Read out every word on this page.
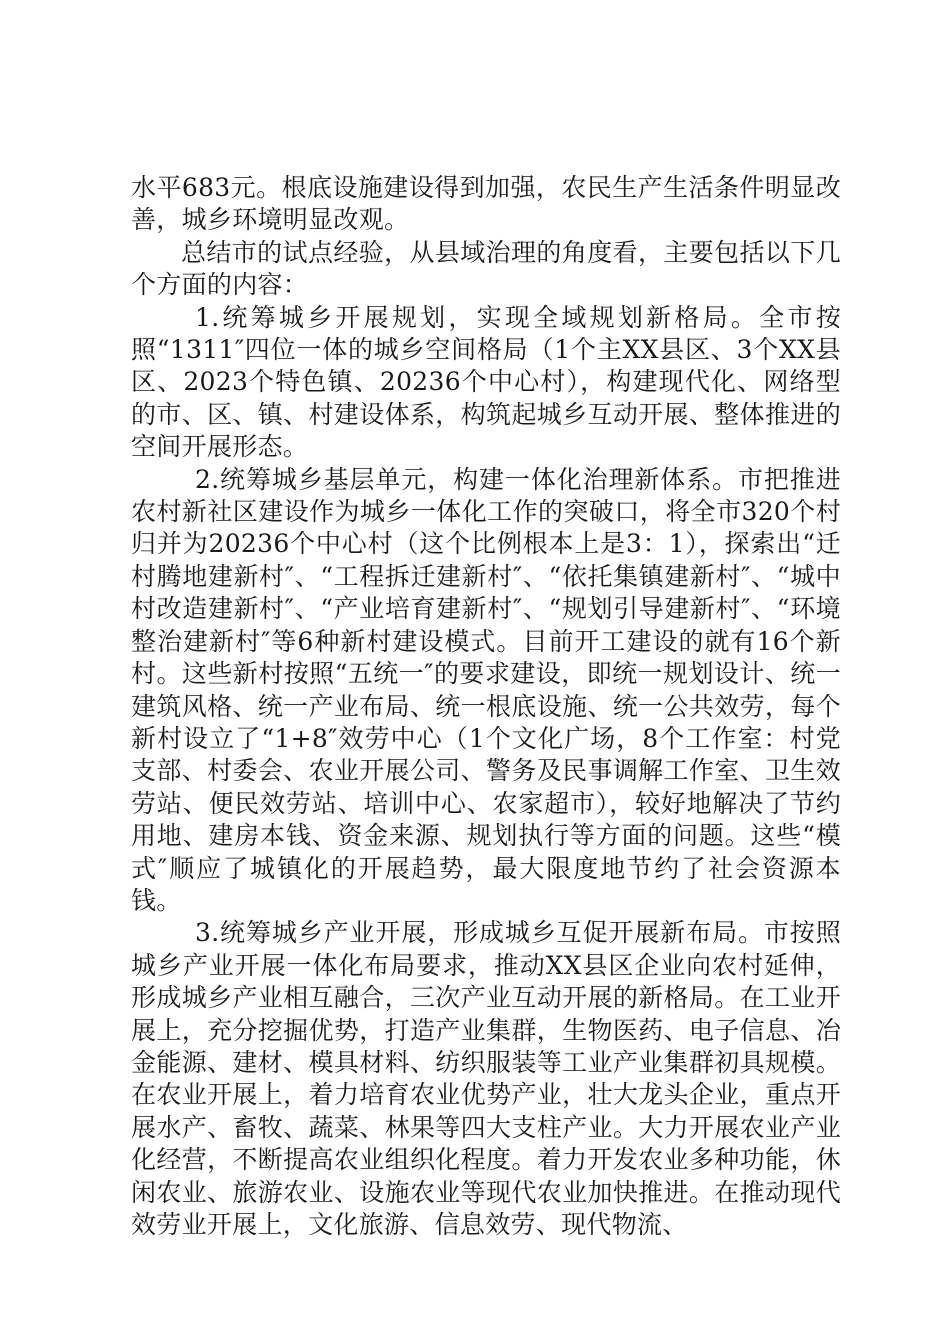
水平683元。根底设施建设得到加强，农民生产生活条件明显改善，城乡环境明显改观。

总结市的试点经验，从县域治理的角度看，主要包括以下几个方面的内容：

1.统筹城乡开展规划，实现全域规划新格局。全市按照“1311″四位一体的城乡空间格局（1个主XX县区、3个XX县区、2023个特色镇、20236个中心村），构建现代化、网络型的市、区、镇、村建设体系，构筑起城乡互动开展、整体推进的空间开展形态。

2.统筹城乡基层单元，构建一体化治理新体系。市把推进农村新社区建设作为城乡一体化工作的突破口，将全市320个村归并为20236个中心村（这个比例根本上是3：1），探索出“迁村腾地建新村″、“工程拆迁建新村″、“依托集镇建新村″、“城中村改造建新村″、“产业培育建新村″、“规划引导建新村″、“环境整治建新村″等6种新村建设模式。目前开工建设的就有16个新村。这些新村按照“五统一″的要求建设，即统一规划设计、统一建筑风格、统一产业布局、统一根底设施、统一公共效劳，每个新村设立了“1+8″效劳中心（1个文化广场，8个工作室：村党支部、村委会、农业开展公司、警务及民事调解工作室、卫生效劳站、便民效劳站、培训中心、农家超市），较好地解决了节约用地、建房本钱、资金来源、规划执行等方面的问题。这些“模式″顺应了城镇化的开展趋势，最大限度地节约了社会资源本钱。

3.统筹城乡产业开展，形成城乡互促开展新布局。市按照城乡产业开展一体化布局要求，推动XX县区企业向农村延伸，形成城乡产业相互融合，三次产业互动开展的新格局。在工业开展上，充分挖掘优势，打造产业集群，生物医药、电子信息、冶金能源、建材、模具材料、纺织服装等工业产业集群初具规模。在农业开展上，着力培育农业优势产业，壮大龙头企业，重点开展水产、畜牧、蔬菜、林果等四大支柱产业。大力开展农业产业化经营，不断提高农业组织化程度。着力开发农业多种功能，休闲农业、旅游农业、设施农业等现代农业加快推进。在推动现代效劳业开展上，文化旅游、信息效劳、现代物流、
